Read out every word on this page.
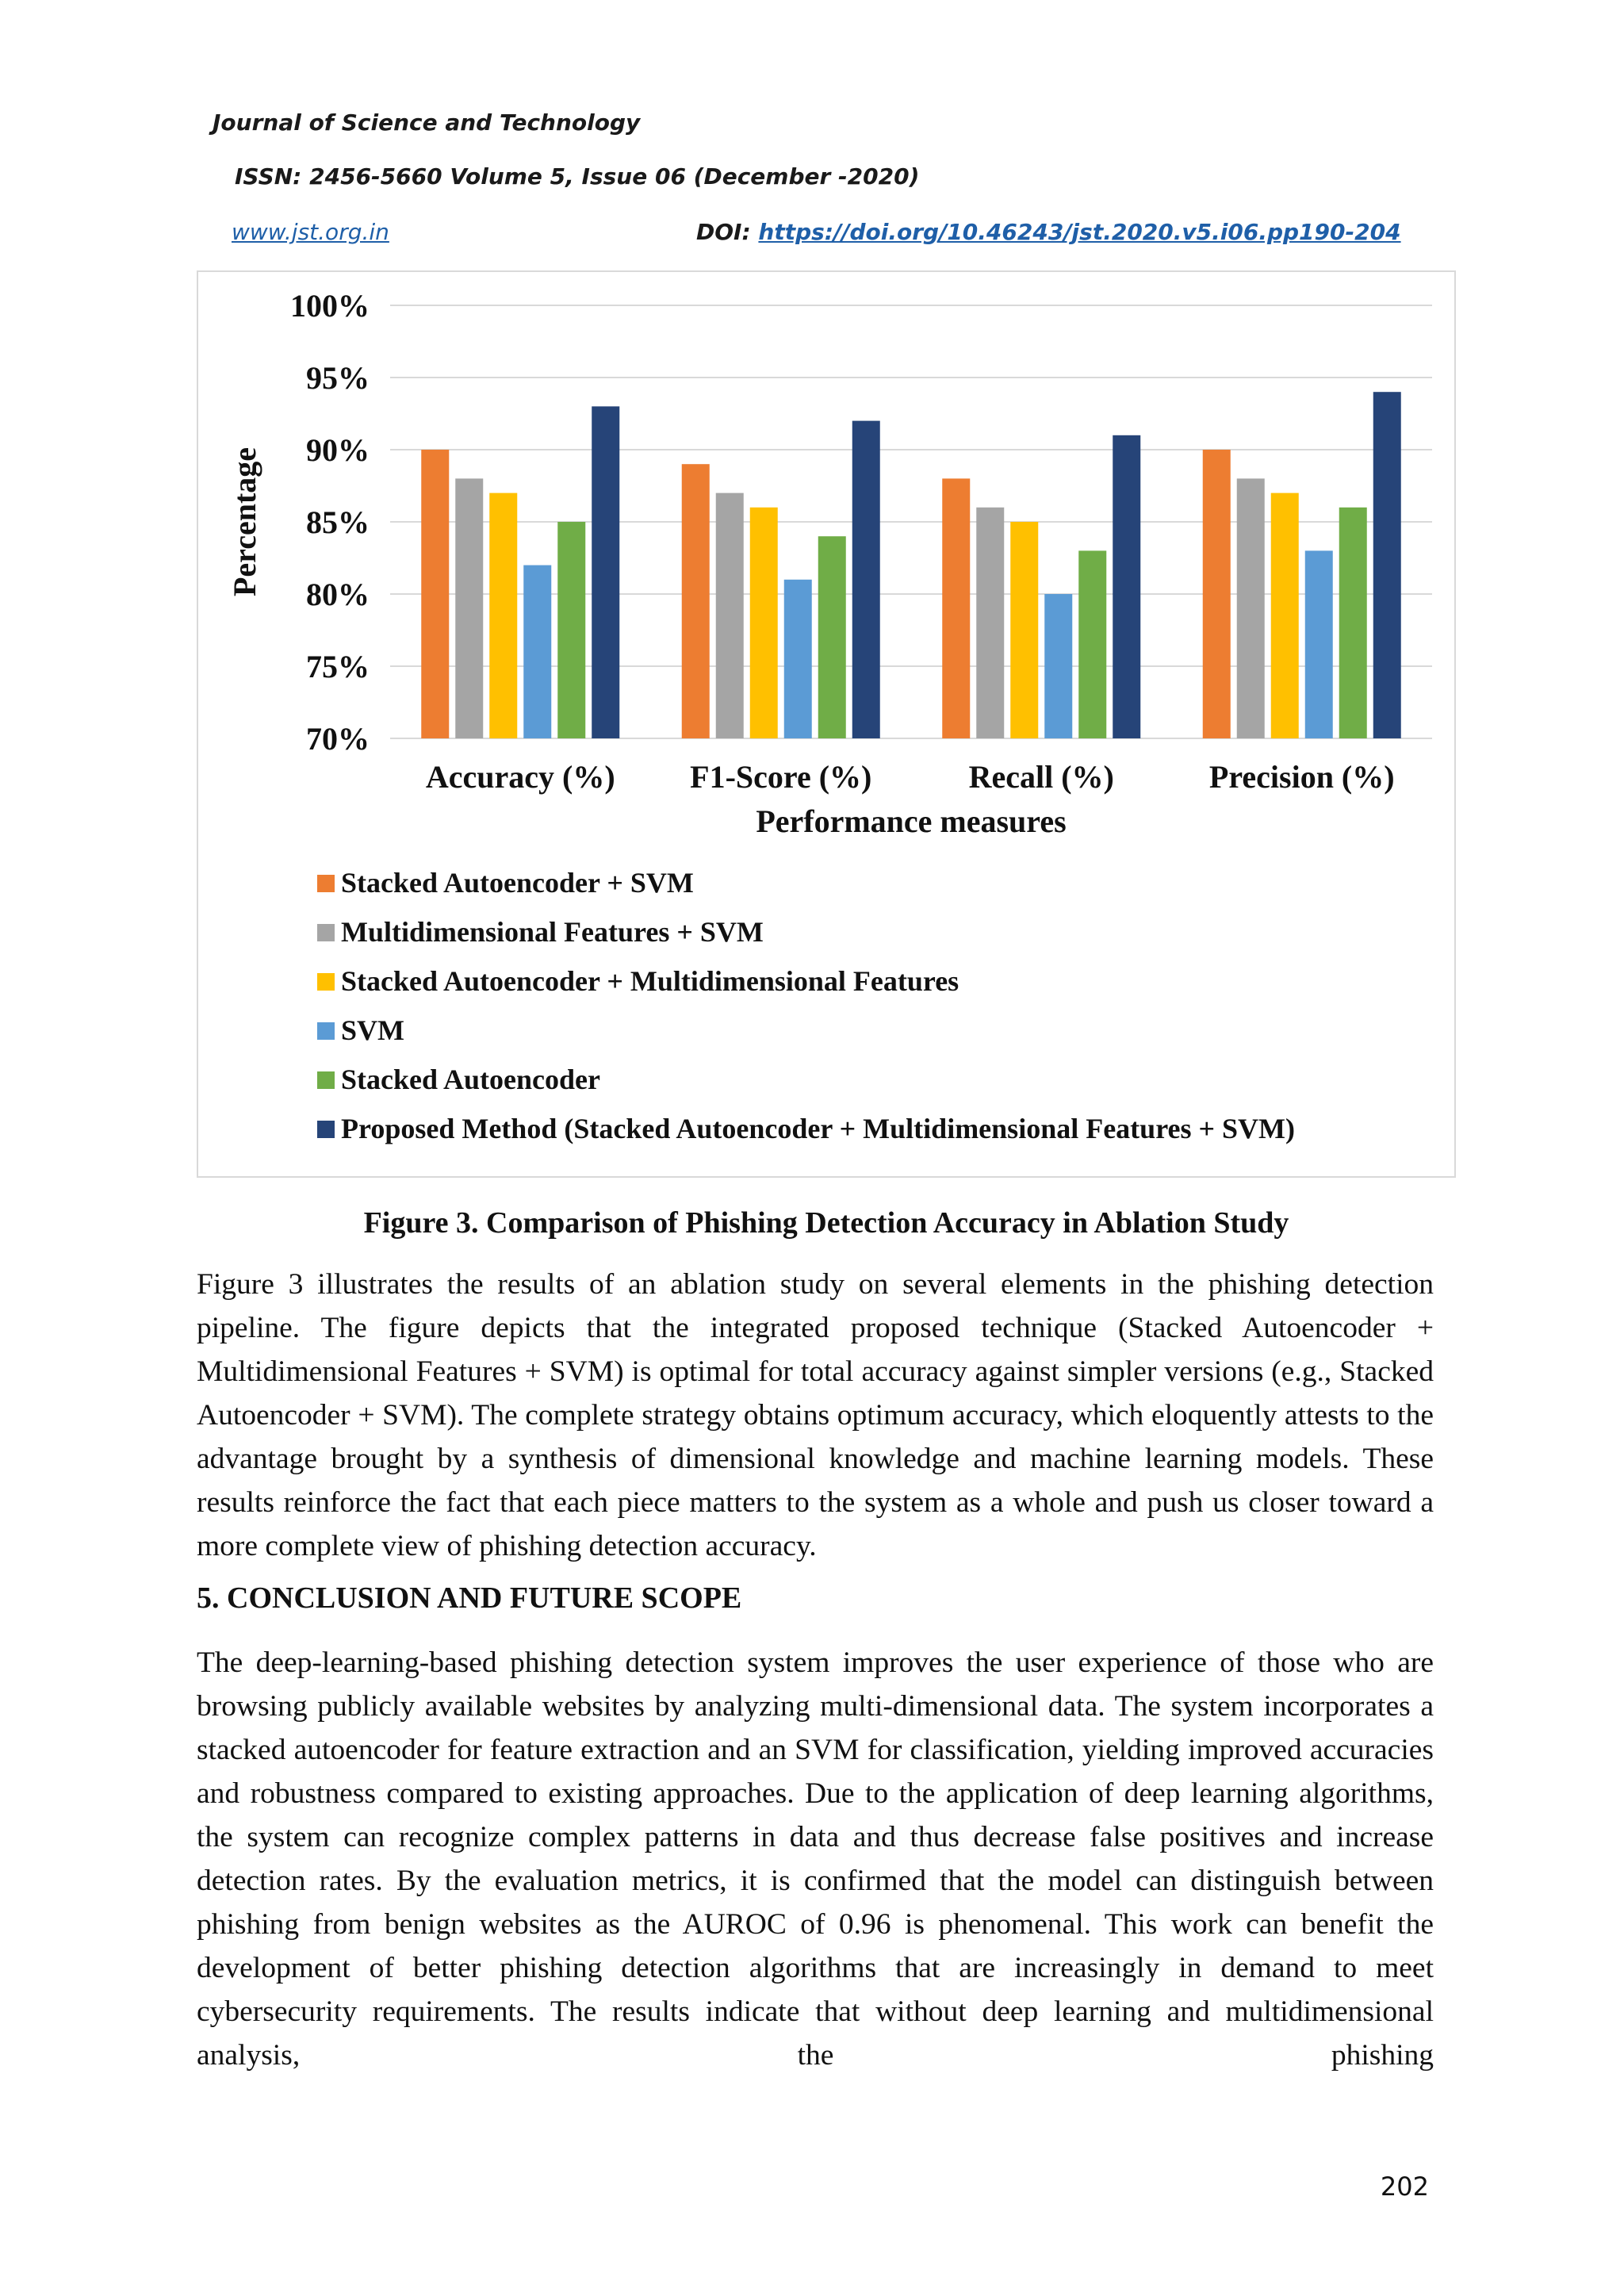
Journal of Science and Technology
ISSN: 2456-5660 Volume 5, Issue 06 (December -2020)
www.jst.org.in	DOI: https://doi.org/10.46243/jst.2020.v5.i06.pp190-204
70%
75%
80%
85%
90%
95%
100%
Percentage
Accuracy (%) F1-Score (%)	Recall (%)	Precision (%)
Performance measures
Stacked Autoencoder + SVM
Multidimensional Features + SVM
Stacked Autoencoder + Multidimensional Features
SVM
Stacked Autoencoder
Proposed Method (Stacked Autoencoder + Multidimensional Features + SVM)
Figure 3. Comparison of Phishing Detection Accuracy in Ablation Study

Figure 3 illustrates the results of an ablation study on several elements in the phishing detection pipeline. The figure depicts that the integrated proposed technique (Stacked Autoencoder + Multidimensional Features + SVM) is optimal for total accuracy against simpler versions (e.g., Stacked Autoencoder + SVM). The complete strategy obtains optimum accuracy, which eloquently attests to the advantage brought by a synthesis of dimensional knowledge and machine learning models. These results reinforce the fact that each piece matters to the system as a whole and push us closer toward a more complete view of phishing detection accuracy.

5. CONCLUSION AND FUTURE SCOPE

The deep-learning-based phishing detection system improves the user experience of those who are browsing publicly available websites by analyzing multi-dimensional data. The system incorporates a stacked autoencoder for feature extraction and an SVM for classification, yielding improved accuracies and robustness compared to existing approaches. Due to the application of deep learning algorithms, the system can recognize complex patterns in data and thus decrease false positives and increase detection rates. By the evaluation metrics, it is confirmed that the model can distinguish between phishing from benign websites as the AUROC of 0.96 is phenomenal. This work can benefit the development of better phishing detection algorithms that are increasingly in demand to meet cybersecurity requirements. The results indicate that without deep learning and multidimensional analysis, the phishing

202
